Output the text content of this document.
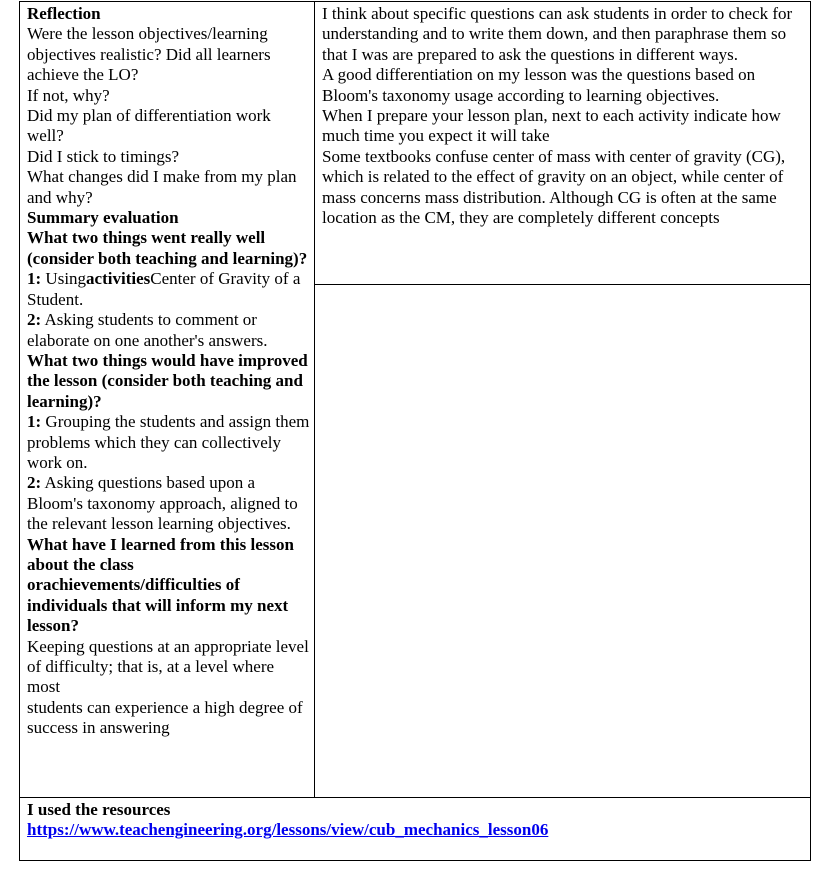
Reflection

Were the lesson objectives/learning objectives realistic? Did all learners achieve the LO?

If not, why?

Did my plan of differentiation work well?

Did I stick to timings?

What changes did I make from my plan and why?

Summary evaluation

What two things went really well (consider both teaching and learning)?

1: UsingactivitiesCenter of Gravity of a Student.

2: Asking students to comment or elaborate on one another's answers.

What two things would have improved the lesson (consider both teaching and learning)?

1: Grouping the students and assign them problems which they can collectively work on.

2: Asking questions based upon a Bloom's taxonomy approach, aligned to the relevant lesson learning objectives.

What have I learned from this lesson about the class orachievements/difficulties of individuals that will inform my next lesson?

Keeping questions at an appropriate level of difficulty; that is, at a level where most

students can experience a high degree of success in answering

I think about specific questions can ask students in order to check for understanding and to write them down, and then paraphrase them so that I was are prepared to ask the questions in different ways.

A good differentiation on my lesson was the questions based on Bloom's taxonomy usage according to learning objectives.

When I prepare your lesson plan, next to each activity indicate how much time you expect it will take

Some textbooks confuse center of mass with center of gravity (CG), which is related to the effect of gravity on an object, while center of mass concerns mass distribution. Although CG is often at the same location as the CM, they are completely different concepts

I used the resources

https://www.teachengineering.org/lessons/view/cub_mechanics_lesson06
